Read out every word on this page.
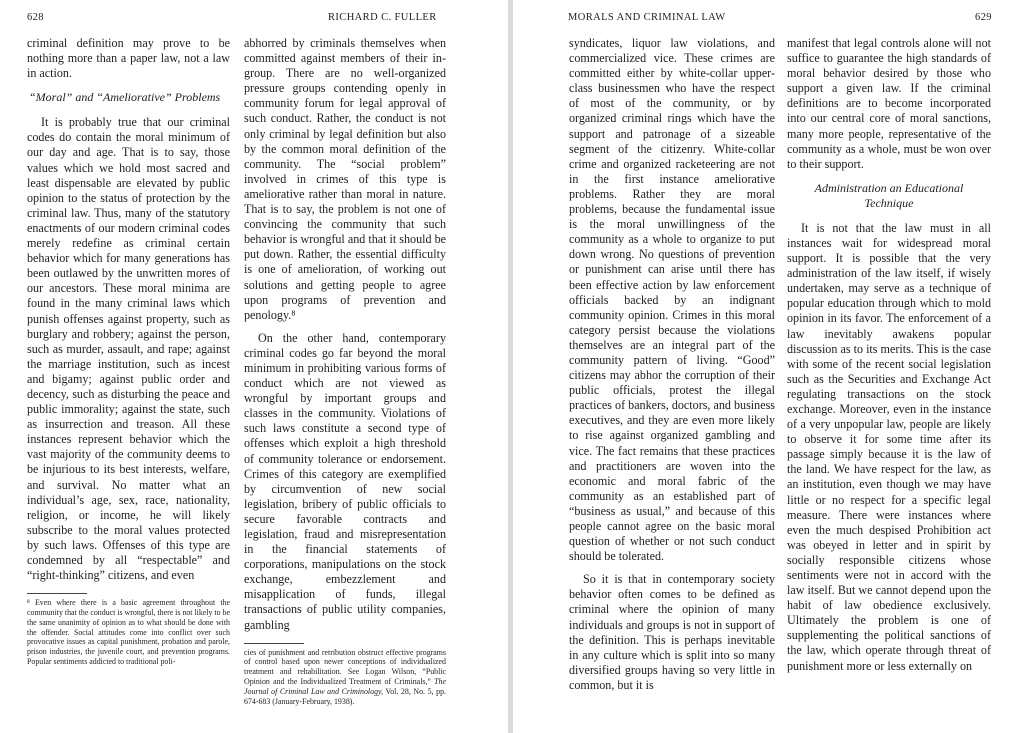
628	RICHARD C. FULLER

criminal definition may prove to be nothing more than a paper law, not a law in action.

“Moral” and “Ameliorative” Problems

It is probably true that our criminal codes do contain the moral minimum of our day and age. That is to say, those values which we hold most sacred and least dispensable are elevated by public opinion to the status of protection by the criminal law. Thus, many of the statutory enactments of our modern criminal codes merely redefine as criminal certain behavior which for many generations has been outlawed by the unwritten mores of our ancestors. These moral minima are found in the many criminal laws which punish offenses against property, such as burglary and robbery; against the person, such as murder, assault, and rape; against the marriage institution, such as incest and bigamy; against public order and decency, such as disturbing the peace and public immorality; against the state, such as insurrection and treason. All these instances represent behavior which the vast majority of the community deems to be injurious to its best interests, welfare, and survival. No matter what an individual’s age, sex, race, nationality, religion, or income, he will likely subscribe to the moral values protected by such laws. Offenses of this type are condemned by all “respectable” and “right-thinking” citizens, and even

⁸ Even where there is a basic agreement throughout the community that the conduct is wrongful, there is not likely to be the same unanimity of opinion as to what should be done with the offender. Social attitudes come into conflict over such provocative issues as capital punishment, probation and parole, prison industries, the juvenile court, and prevention programs. Popular sentiments addicted to traditional poli-

abhorred by criminals themselves when committed against members of their in-group. There are no well-organized pressure groups contending openly in community forum for legal approval of such conduct. Rather, the conduct is not only criminal by legal definition but also by the common moral definition of the community. The “social problem” involved in crimes of this type is ameliorative rather than moral in nature. That is to say, the problem is not one of convincing the community that such behavior is wrongful and that it should be put down. Rather, the essential difficulty is one of amelioration, of working out solutions and getting people to agree upon programs of prevention and penology.⁸

On the other hand, contemporary criminal codes go far beyond the moral minimum in prohibiting various forms of conduct which are not viewed as wrongful by important groups and classes in the community. Violations of such laws constitute a second type of offenses which exploit a high threshold of community tolerance or endorsement. Crimes of this category are exemplified by circumvention of new social legislation, bribery of public officials to secure favorable contracts and legislation, fraud and misrepresentation in the financial statements of corporations, manipulations on the stock exchange, embezzlement and misapplication of funds, illegal transactions of public utility companies, gambling

cies of punishment and retribution obstruct effective programs of control based upon newer conceptions of individualized treatment and rehabilitation. See Logan Wilson, “Public Opinion and the Individualized Treatment of Criminals,” The Journal of Criminal Law and Criminology, Vol. 28, No. 5, pp. 674-683 (January-February, 1938).

MORALS AND CRIMINAL LAW	629

syndicates, liquor law violations, and commercialized vice. These crimes are committed either by white-collar upper-class businessmen who have the respect of most of the community, or by organized criminal rings which have the support and patronage of a sizeable segment of the citizenry. White-collar crime and organized racketeering are not in the first instance ameliorative problems. Rather they are moral problems, because the fundamental issue is the moral unwillingness of the community as a whole to organize to put down wrong. No questions of prevention or punishment can arise until there has been effective action by law enforcement officials backed by an indignant community opinion. Crimes in this moral category persist because the violations themselves are an integral part of the community pattern of living. “Good” citizens may abhor the corruption of their public officials, protest the illegal practices of bankers, doctors, and business executives, and they are even more likely to rise against organized gambling and vice. The fact remains that these practices and practitioners are woven into the economic and moral fabric of the community as an established part of “business as usual,” and because of this people cannot agree on the basic moral question of whether or not such conduct should be tolerated.

So it is that in contemporary society behavior often comes to be defined as criminal where the opinion of many individuals and groups is not in support of the definition. This is perhaps inevitable in any culture which is split into so many diversified groups having so very little in common, but it is

manifest that legal controls alone will not suffice to guarantee the high standards of moral behavior desired by those who support a given law. If the criminal definitions are to become incorporated into our central core of moral sanctions, many more people, representative of the community as a whole, must be won over to their support.

Administration an Educational
Technique

It is not that the law must in all instances wait for widespread moral support. It is possible that the very administration of the law itself, if wisely undertaken, may serve as a technique of popular education through which to mold opinion in its favor. The enforcement of a law inevitably awakens popular discussion as to its merits. This is the case with some of the recent social legislation such as the Securities and Exchange Act regulating transactions on the stock exchange. Moreover, even in the instance of a very unpopular law, people are likely to observe it for some time after its passage simply because it is the law of the land. We have respect for the law, as an institution, even though we may have little or no respect for a specific legal measure. There were instances where even the much despised Prohibition act was obeyed in letter and in spirit by socially responsible citizens whose sentiments were not in accord with the law itself. But we cannot depend upon the habit of law obedience exclusively. Ultimately the problem is one of supplementing the political sanctions of the law, which operate through threat of punishment more or less externally on
